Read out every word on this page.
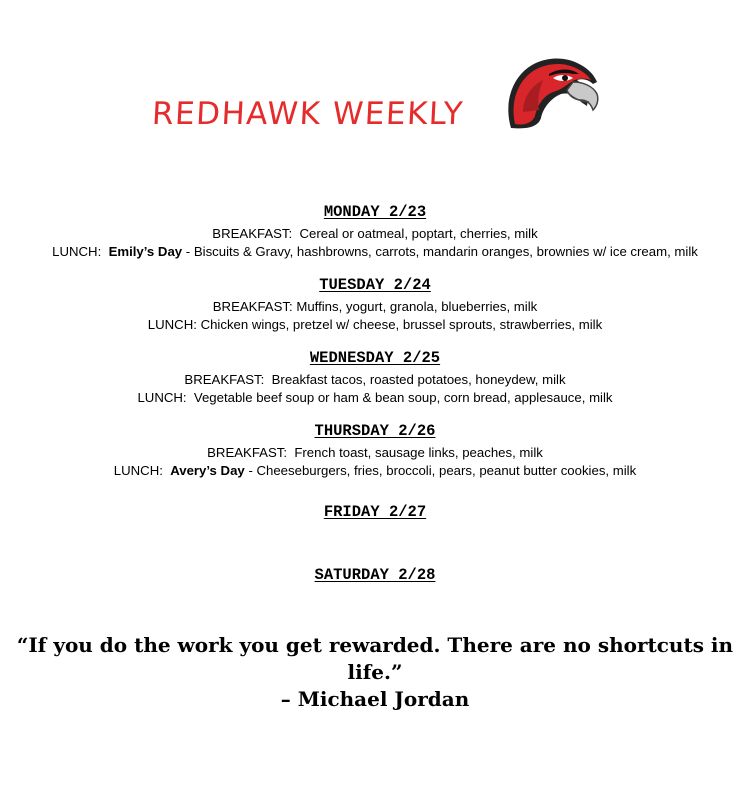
REDHAWK WEEKLY
MONDAY 2/23
BREAKFAST: Cereal or oatmeal, poptart, cherries, milk
LUNCH: Emily’s Day - Biscuits & Gravy, hashbrowns, carrots, mandarin oranges, brownies w/ ice cream, milk
TUESDAY 2/24
BREAKFAST: Muffins, yogurt, granola, blueberries, milk
LUNCH: Chicken wings, pretzel w/ cheese, brussel sprouts, strawberries, milk
WEDNESDAY 2/25
BREAKFAST: Breakfast tacos, roasted potatoes, honeydew, milk
LUNCH: Vegetable beef soup or ham & bean soup, corn bread, applesauce, milk
THURSDAY 2/26
BREAKFAST: French toast, sausage links, peaches, milk
LUNCH: Avery’s Day - Cheeseburgers, fries, broccoli, pears, peanut butter cookies, milk
FRIDAY 2/27
SATURDAY 2/28
“If you do the work you get rewarded. There are no shortcuts in life.”
– Michael Jordan
